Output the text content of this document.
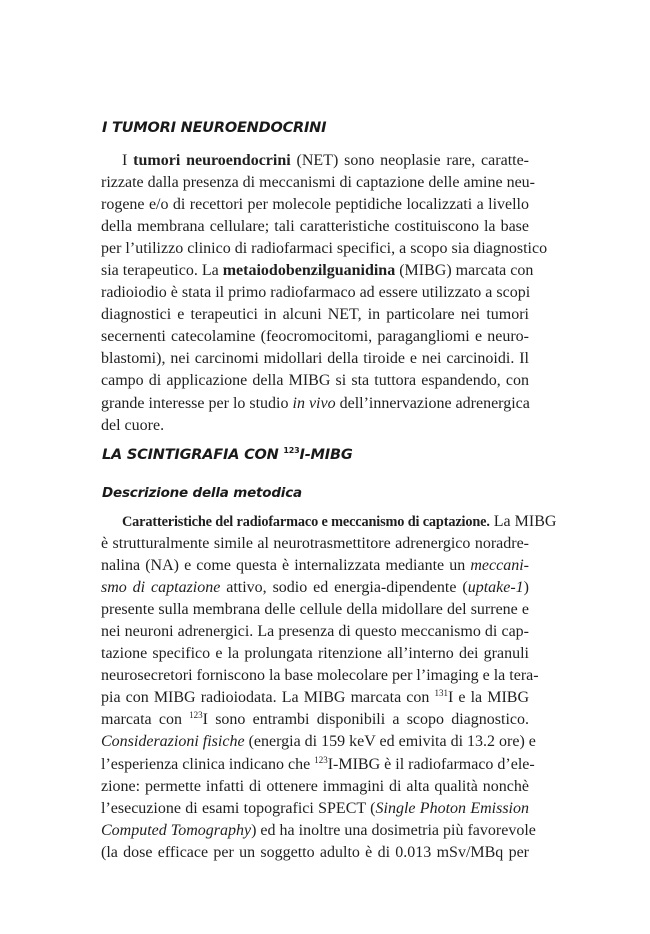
I TUMORI NEUROENDOCRINI
I tumori neuroendocrini (NET) sono neoplasie rare, caratte-
rizzate dalla presenza di meccanismi di captazione delle amine neu-
rogene e/o di recettori per molecole peptidiche localizzati a livello
della membrana cellulare; tali caratteristiche costituiscono la base
per l’utilizzo clinico di radiofarmaci specifici, a scopo sia diagnostico
sia terapeutico. La metaiodobenzilguanidina (MIBG) marcata con
radioiodio è stata il primo radiofarmaco ad essere utilizzato a scopi
diagnostici e terapeutici in alcuni NET, in particolare nei tumori
secernenti catecolamine (feocromocitomi, paragangliomi e neuro-
blastomi), nei carcinomi midollari della tiroide e nei carcinoidi. Il
campo di applicazione della MIBG si sta tuttora espandendo, con
grande interesse per lo studio in vivo dell’innervazione adrenergica
del cuore.
LA SCINTIGRAFIA CON $^{123}$I-MIBG
Descrizione della metodica
Caratteristiche del radiofarmaco e meccanismo di captazione. La MIBG
è strutturalmente simile al neurotrasmettitore adrenergico noradre-
nalina (NA) e come questa è internalizzata mediante un meccani-
smo di captazione attivo, sodio ed energia-dipendente (uptake-1)
presente sulla membrana delle cellule della midollare del surrene e
nei neuroni adrenergici. La presenza di questo meccanismo di cap-
tazione specifico e la prolungata ritenzione all’interno dei granuli
neurosecretori forniscono la base molecolare per l’imaging e la tera-
pia con MIBG radioiodata. La MIBG marcata con $^{131}$I e la MIBG
marcata con $^{123}$I sono entrambi disponibili a scopo diagnostico.
Considerazioni fisiche (energia di 159 keV ed emivita di 13.2 ore) e
l’esperienza clinica indicano che $^{123}$I-MIBG è il radiofarmaco d’ele-
zione: permette infatti di ottenere immagini di alta qualità nonchè
l’esecuzione di esami topografici SPECT (Single Photon Emission
Computed Tomography) ed ha inoltre una dosimetria più favorevole
(la dose efficace per un soggetto adulto è di 0.013 mSv/MBq per
